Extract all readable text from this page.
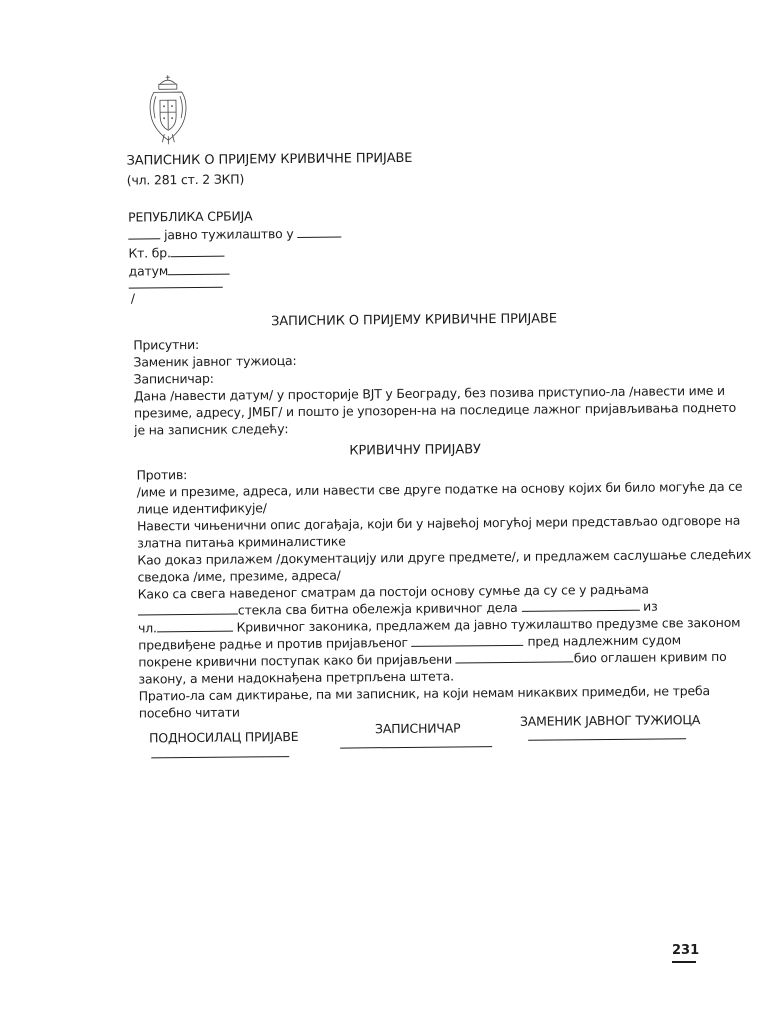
ЗАПИСНИК О ПРИЈЕМУ КРИВИЧНЕ ПРИЈАВЕ
(чл. 281 ст. 2 ЗКП)
РЕПУБЛИКА СРБИЈА
јавно тужилаштво у
Кт. бр.
датум
/
ЗАПИСНИК О ПРИЈЕМУ КРИВИЧНЕ ПРИЈАВЕ
Присутни:
Заменик јавног тужиоца:
Записничар:
Дана /навести датум/ у просторије ВЈТ у Београду, без позива приступио-ла /навести име и
презиме, адресу, ЈМБГ/ и пошто је упозорен-на на последице лажног пријављивања поднето
је на записник следећу:
КРИВИЧНУ ПРИЈАВУ
Против:
/име и презиме, адреса, или навести све друге податке на основу којих би било могуће да се
лице идентификује/
Навести чињенични опис догађаја, који би у највећој могућој мери представљао одговоре на
златна питања криминалистике
Као доказ прилажем /документацију или друге предмете/, и предлажем саслушање следећих
сведока /име, презиме, адреса/
Како са свега наведеног сматрам да постоји основу сумње да су се у радњама
стекла сва битна обележја кривичног дела	из
чл.	Кривичног законика, предлажем да јавно тужилаштво предузме све законом
предвиђене радње и против пријављеног	пред надлежним судом
покрене кривични поступак како би пријављени	био оглашен кривим по
закону, а мени надокнађена претрпљена штета.
Пратио-ла сам диктирање, па ми записник, на који немам никаквих примедби, не треба
посебно читати
ПОДНОСИЛАЦ ПРИЈАВЕ
ЗАПИСНИЧАР	ЗАМЕНИК ЈАВНОГ ТУЖИОЦА
231
